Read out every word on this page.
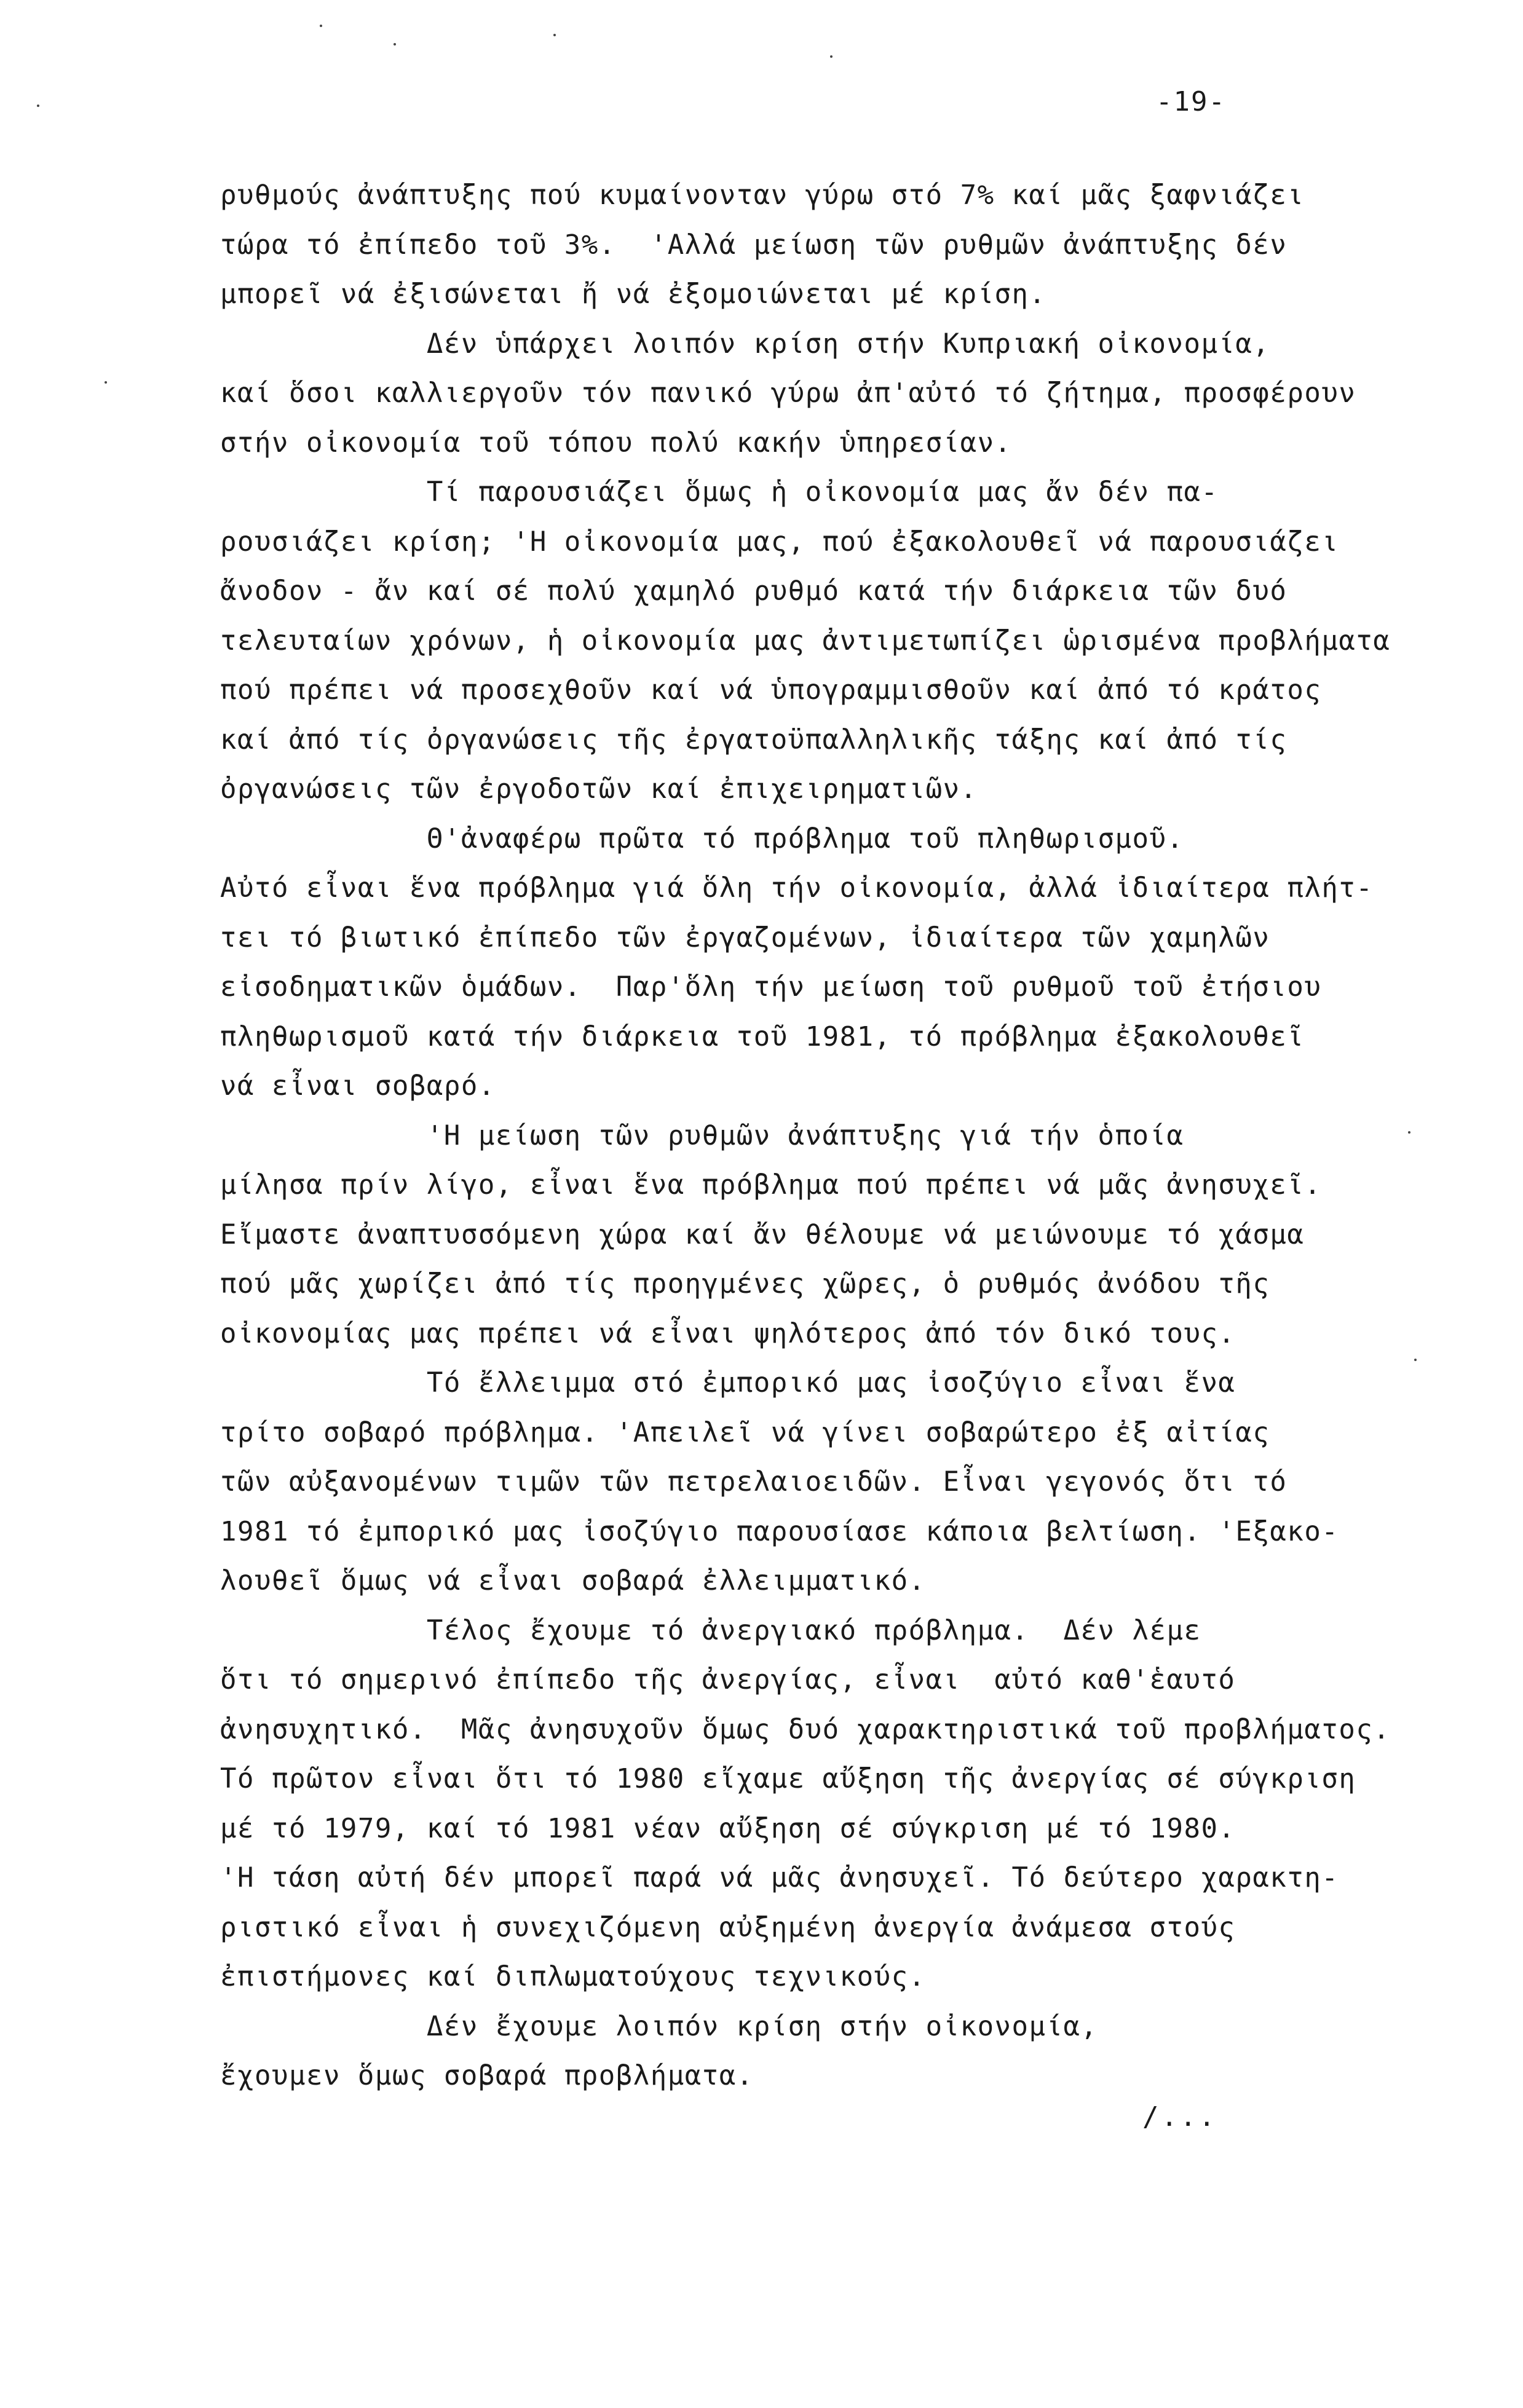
-19-
ρυθμούς ἀνάπτυξης πού κυμαίνονταν γύρω στό 7% καί μᾶς ξαφνιάζει
τώρα τό ἐπίπεδο τοῦ 3%.  'Αλλά μείωση τῶν ρυθμῶν ἀνάπτυξης δέν
μπορεῖ νά ἐξισώνεται ἤ νά ἐξομοιώνεται μέ κρίση.
Δέν ὑπάρχει λοιπόν κρίση στήν Κυπριακή οἰκονομία,
καί ὅσοι καλλιεργοῦν τόν πανικό γύρω ἀπ'αὐτό τό ζήτημα, προσφέρουν
στήν οἰκονομία τοῦ τόπου πολύ κακήν ὑπηρεσίαν.
Τί παρουσιάζει ὅμως ἡ οἰκονομία μας ἄν δέν πα-
ρουσιάζει κρίση; 'Η οἰκονομία μας, πού ἐξακολουθεῖ νά παρουσιάζει
ἄνοδον - ἄν καί σέ πολύ χαμηλό ρυθμό κατά τήν διάρκεια τῶν δυό
τελευταίων χρόνων, ἡ οἰκονομία μας ἀντιμετωπίζει ὡρισμένα προβλήματα
πού πρέπει νά προσεχθοῦν καί νά ὑπογραμμισθοῦν καί ἀπό τό κράτος
καί ἀπό τίς ὀργανώσεις τῆς ἐργατοϋπαλληλικῆς τάξης καί ἀπό τίς
ὀργανώσεις τῶν ἐργοδοτῶν καί ἐπιχειρηματιῶν.
Θ'ἀναφέρω πρῶτα τό πρόβλημα τοῦ πληθωρισμοῦ.
Αὐτό εἶναι ἕνα πρόβλημα γιά ὅλη τήν οἰκονομία, ἀλλά ἰδιαίτερα πλήτ-
τει τό βιωτικό ἐπίπεδο τῶν ἐργαζομένων, ἰδιαίτερα τῶν χαμηλῶν
εἰσοδηματικῶν ὁμάδων.  Παρ'ὅλη τήν μείωση τοῦ ρυθμοῦ τοῦ ἐτήσιου
πληθωρισμοῦ κατά τήν διάρκεια τοῦ 1981, τό πρόβλημα ἐξακολουθεῖ
νά εἶναι σοβαρό.
'Η μείωση τῶν ρυθμῶν ἀνάπτυξης γιά τήν ὁποία
μίλησα πρίν λίγο, εἶναι ἕνα πρόβλημα πού πρέπει νά μᾶς ἀνησυχεῖ.
Εἴμαστε ἀναπτυσσόμενη χώρα καί ἄν θέλουμε νά μειώνουμε τό χάσμα
πού μᾶς χωρίζει ἀπό τίς προηγμένες χῶρες, ὁ ρυθμός ἀνόδου τῆς
οἰκονομίας μας πρέπει νά εἶναι ψηλότερος ἀπό τόν δικό τους.
Τό ἔλλειμμα στό ἐμπορικό μας ἰσοζύγιο εἶναι ἕνα
τρίτο σοβαρό πρόβλημα. 'Απειλεῖ νά γίνει σοβαρώτερο ἐξ αἰτίας
τῶν αὐξανομένων τιμῶν τῶν πετρελαιοειδῶν. Εἶναι γεγονός ὅτι τό
1981 τό ἐμπορικό μας ἰσοζύγιο παρουσίασε κάποια βελτίωση. 'Εξακο-
λουθεῖ ὅμως νά εἶναι σοβαρά ἐλλειμματικό.
Τέλος ἔχουμε τό ἀνεργιακό πρόβλημα.  Δέν λέμε
ὅτι τό σημερινό ἐπίπεδο τῆς ἀνεργίας, εἶναι  αὐτό καθ'ἑαυτό
ἀνησυχητικό.  Μᾶς ἀνησυχοῦν ὅμως δυό χαρακτηριστικά τοῦ προβλήματος.
Τό πρῶτον εἶναι ὅτι τό 1980 εἴχαμε αὔξηση τῆς ἀνεργίας σέ σύγκριση
μέ τό 1979, καί τό 1981 νέαν αὔξηση σέ σύγκριση μέ τό 1980.
'Η τάση αὐτή δέν μπορεῖ παρά νά μᾶς ἀνησυχεῖ. Τό δεύτερο χαρακτη-
ριστικό εἶναι ἡ συνεχιζόμενη αὐξημένη ἀνεργία ἀνάμεσα στούς
ἐπιστήμονες καί διπλωματούχους τεχνικούς.
Δέν ἔχουμε λοιπόν κρίση στήν οἰκονομία,
ἔχουμεν ὅμως σοβαρά προβλήματα.
/...
